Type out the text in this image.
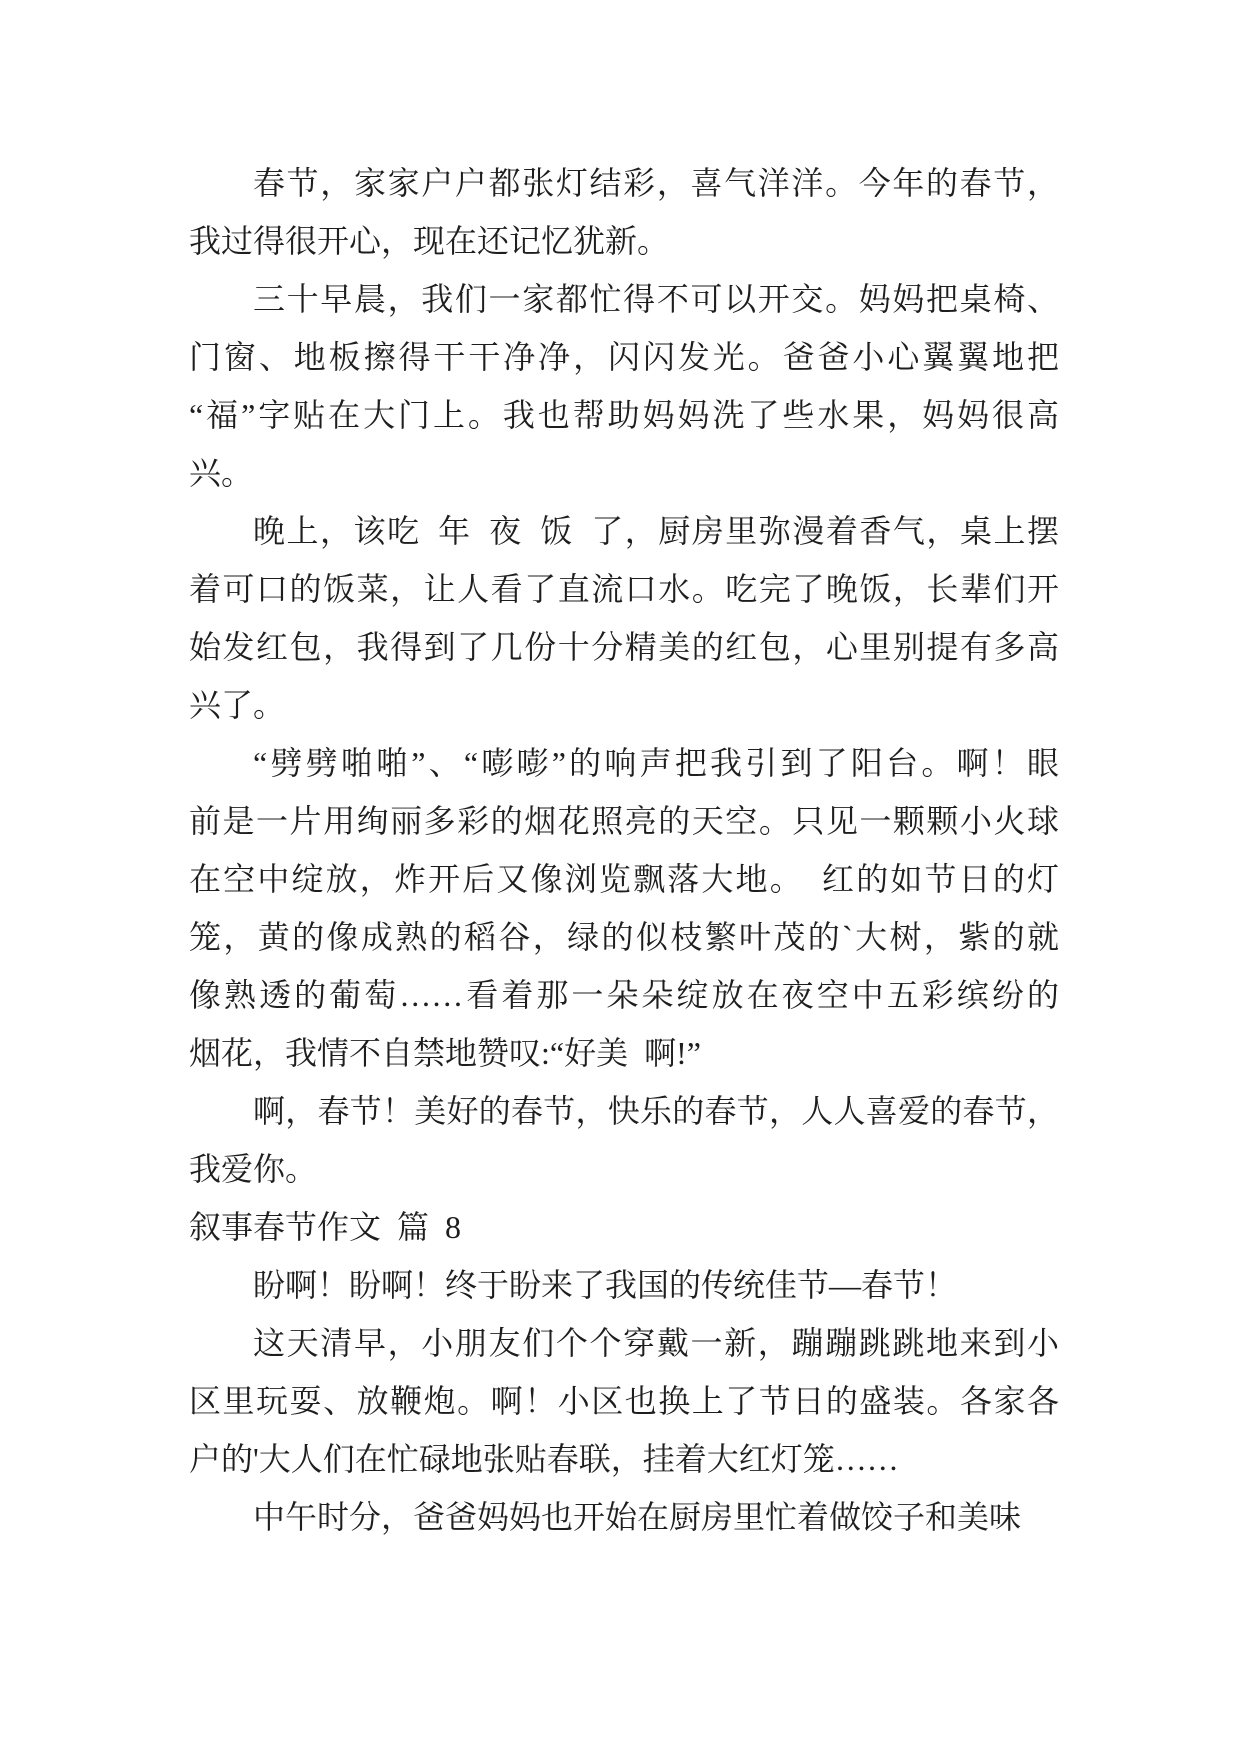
春节，家家户户都张灯结彩，喜气洋洋。今年的春节，
我过得很开心，现在还记忆犹新。
三十早晨，我们一家都忙得不可以开交。妈妈把桌椅、
门窗、地板擦得干干净净，闪闪发光。爸爸小心翼翼地把
“福”字贴在大门上。我也帮助妈妈洗了些水果，妈妈很高
兴。
晚上，该吃 年 夜 饭 了，厨房里弥漫着香气，桌上摆
着可口的饭菜，让人看了直流口水。吃完了晚饭，长辈们开
始发红包，我得到了几份十分精美的红包，心里别提有多高
兴了。
“劈劈啪啪”、“嘭嘭”的响声把我引到了阳台。啊！眼
前是一片用绚丽多彩的烟花照亮的天空。只见一颗颗小火球
在空中绽放，炸开后又像浏览飘落大地。 红的如节日的灯
笼，黄的像成熟的稻谷，绿的似枝繁叶茂的`大树，紫的就
像熟透的葡萄……看着那一朵朵绽放在夜空中五彩缤纷的
烟花，我情不自禁地赞叹:“好美 啊!”
啊，春节！美好的春节，快乐的春节，人人喜爱的春节，
我爱你。
叙事春节作文 篇 8
盼啊！盼啊！终于盼来了我国的传统佳节—春节！
这天清早，小朋友们个个穿戴一新，蹦蹦跳跳地来到小
区里玩耍、放鞭炮。啊！小区也换上了节日的盛装。各家各
户的'大人们在忙碌地张贴春联，挂着大红灯笼……
中午时分，爸爸妈妈也开始在厨房里忙着做饺子和美味
